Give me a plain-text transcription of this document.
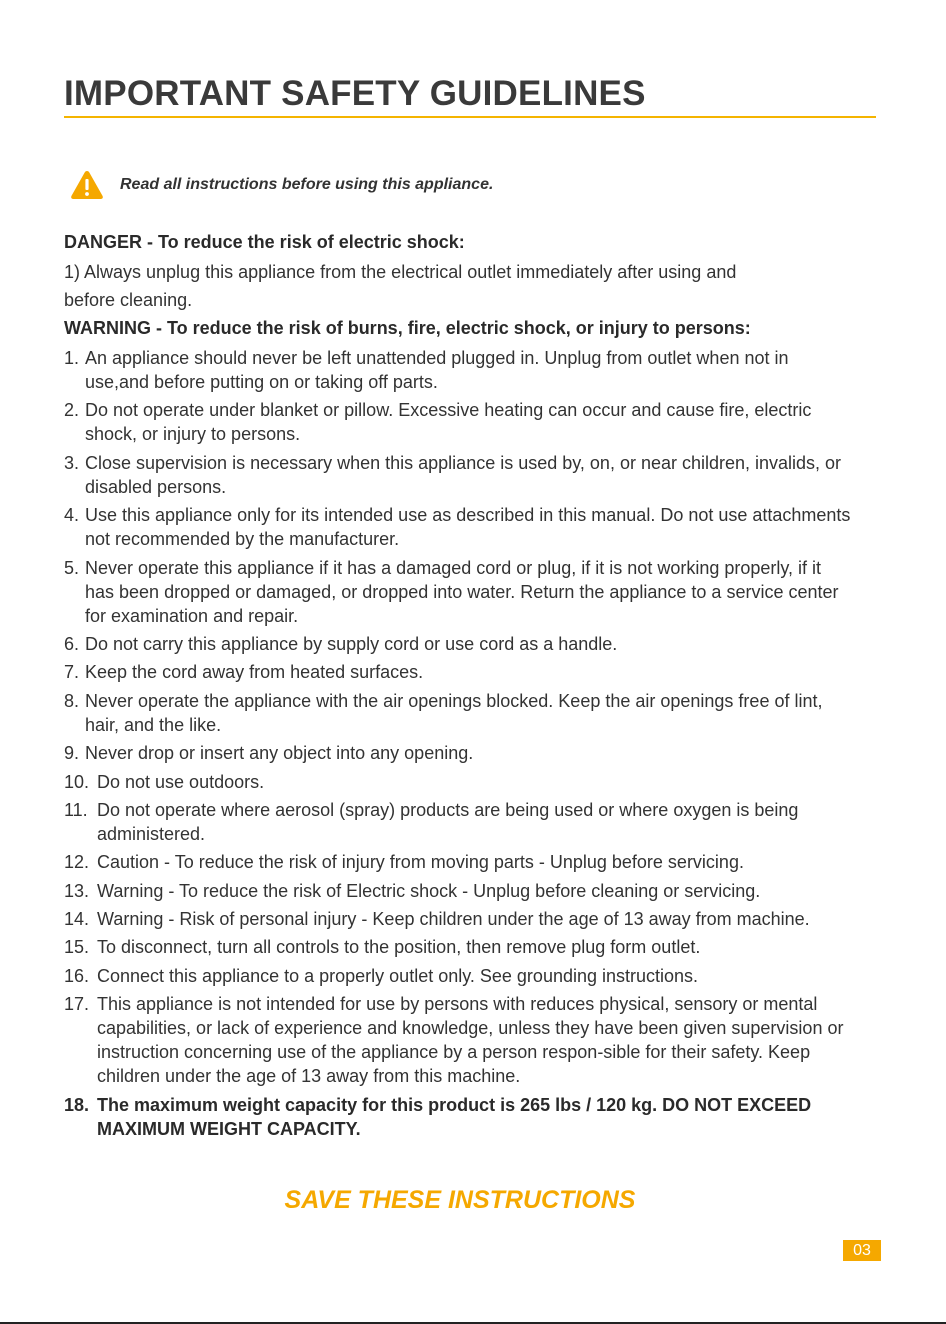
IMPORTANT SAFETY GUIDELINES
Read all instructions before using this appliance.

DANGER - To reduce the risk of electric shock:

1) Always unplug this appliance from the electrical outlet immediately after using and
before cleaning.

WARNING - To reduce the risk of burns, fire, electric shock, or injury to persons:

1. An appliance should never be left unattended plugged in. Unplug from outlet when not in use,and before putting on or taking off parts.
2. Do not operate under blanket or pillow. Excessive heating can occur and cause fire, electric shock, or injury to persons.
3. Close supervision is necessary when this appliance is used by, on, or near children, invalids, or disabled persons.
4. Use this appliance only for its intended use as described in this manual. Do not use attachments not recommended by the manufacturer.
5. Never operate this appliance if it has a damaged cord or plug, if it is not working properly, if it has been dropped or damaged, or dropped into water. Return the appliance to a service center for examination and repair.
6. Do not carry this appliance by supply cord or use cord as a handle.
7. Keep the cord away from heated surfaces.
8. Never operate the appliance with the air openings blocked. Keep the air openings free of lint, hair, and the like.
9. Never drop or insert any object into any opening.
10. Do not use outdoors.
11. Do not operate where aerosol (spray) products are being used or where oxygen is being administered.
12. Caution - To reduce the risk of injury from moving parts - Unplug before servicing.
13. Warning - To reduce the risk of Electric shock - Unplug before cleaning or servicing.
14. Warning - Risk of personal injury - Keep children under the age of 13 away from machine.
15. To disconnect, turn all controls to the position, then remove plug form outlet.
16. Connect this appliance to a properly outlet only. See grounding instructions.
17. This appliance is not intended for use by persons with reduces physical, sensory or mental capabilities, or lack of experience and knowledge, unless they have been given supervision or instruction concerning use of the appliance by a person respon-sible for their safety. Keep children under the age of 13 away from this machine.
18. The maximum weight capacity for this product is 265 lbs / 120 kg. DO NOT EXCEED MAXIMUM WEIGHT CAPACITY.
SAVE THESE INSTRUCTIONS
03
